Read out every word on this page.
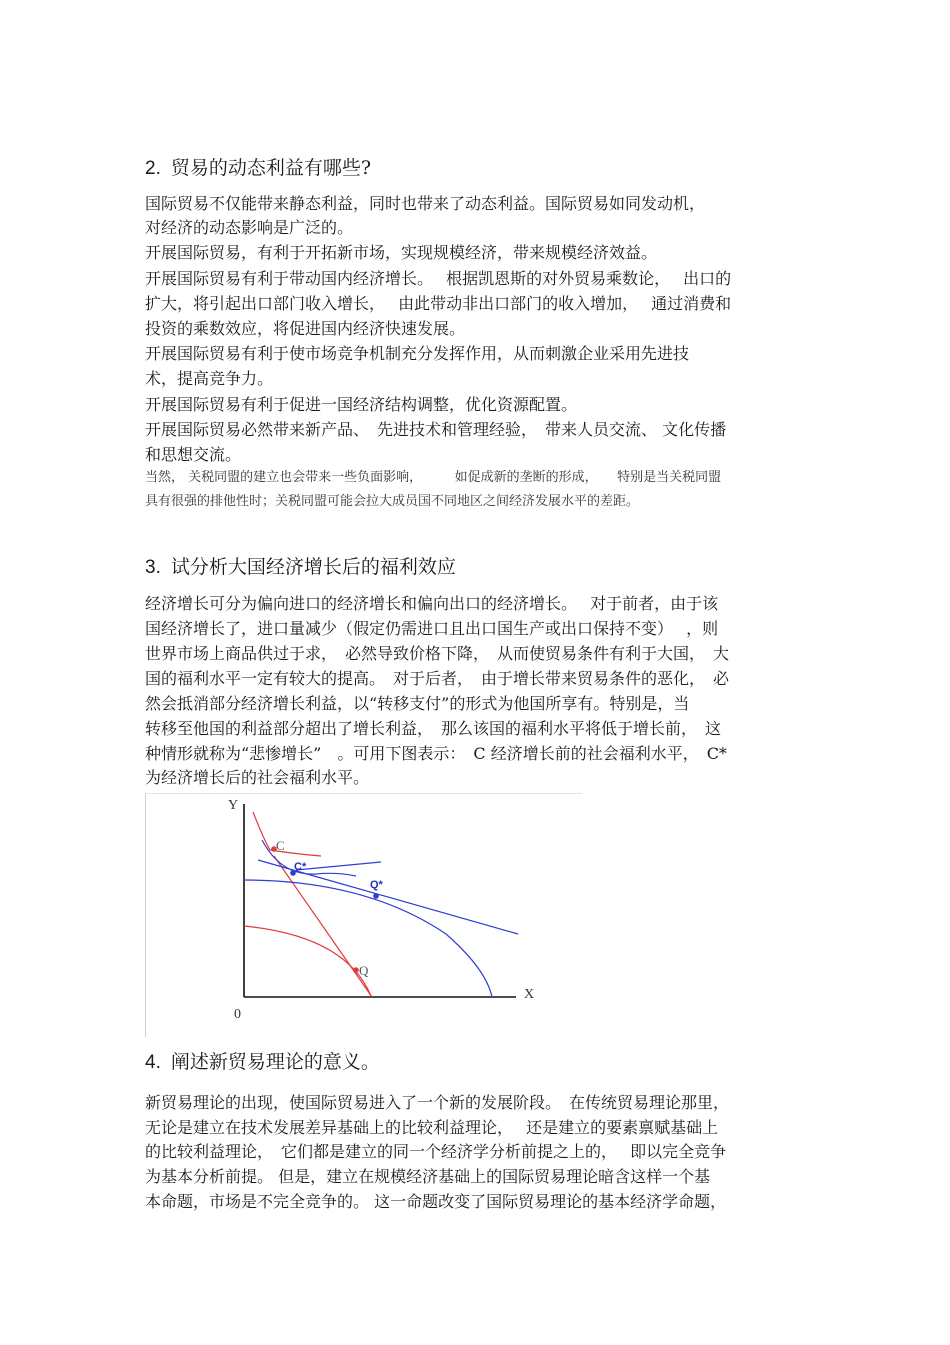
2. 贸易的动态利益有哪些?
国际贸易不仅能带来静态利益，同时也带来了动态利益。国际贸易如同发动机，
对经济的动态影响是广泛的。
开展国际贸易，有利于开拓新市场，实现规模经济，带来规模经济效益。
开展国际贸易有利于带动国内经济增长。　 根据凯恩斯的对外贸易乘数论，　 出口的
扩大，将引起出口部门收入增长，　 由此带动非出口部门的收入增加，　 通过消费和
投资的乘数效应，将促进国内经济快速发展。
开展国际贸易有利于使市场竞争机制充分发挥作用，从而刺激企业采用先进技
术，提高竞争力。
开展国际贸易有利于促进一国经济结构调整，优化资源配置。
开展国际贸易必然带来新产品、　先进技术和管理经验，　带来人员交流、 文化传播
和思想交流。
当然， 关税同盟的建立也会带来一些负面影响，　　　如促成新的垄断的形成，　　特别是当关税同盟
具有很强的排他性时；关税同盟可能会拉大成员国不同地区之间经济发展水平的差距。
3. 试分析大国经济增长后的福利效应
经济增长可分为偏向进口的经济增长和偏向出口的经济增长。　 对于前者，由于该
国经济增长了，进口量减少（假定仍需进口且出口国生产或出口保持不变）　 ，则
世界市场上商品供过于求，　必然导致价格下降，　从而使贸易条件有利于大国，　大
国的福利水平一定有较大的提高。　对于后者，　由于增长带来贸易条件的恶化，　必
然会抵消部分经济增长利益，以“转移支付”的形式为他国所享有。特别是，当
转移至他国的利益部分超出了增长利益，　那么该国的福利水平将低于增长前，　这
种情形就称为“悲惨增长”　。可用下图表示：　C 经济增长前的社会福利水平，　C*
为经济增长后的社会福利水平。
Y
X
0
C
C*
Q*
Q
4. 阐述新贸易理论的意义。
新贸易理论的出现，使国际贸易进入了一个新的发展阶段。　在传统贸易理论那里，
无论是建立在技术发展差异基础上的比较利益理论，　 还是建立的要素禀赋基础上
的比较利益理论，　它们都是建立的同一个经济学分析前提之上的，　 即以完全竞争
为基本分析前提。 但是，建立在规模经济基础上的国际贸易理论暗含这样一个基
本命题，市场是不完全竞争的。 这一命题改变了国际贸易理论的基本经济学命题，
